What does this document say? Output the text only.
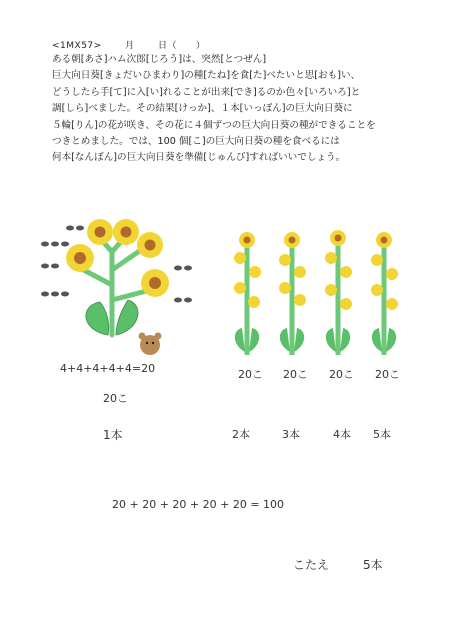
<1MX57>	月	日（　　）
ある朝[あさ]ハム次郎[じろう]は、突然[とつぜん]
巨大向日葵[きょだいひまわり]の種[たね]を食[た]べたいと思[おも]い、
どうしたら手[て]に入[い]れることが出来[でき]るのか色々[いろいろ]と
調[しら]べました。その結果[けっか]、１本[いっぽん]の巨大向日葵に
５輪[りん]の花が咲き、その花に４個ずつの巨大向日葵の種ができることを
つきとめました。では、100 個[こ]の巨大向日葵の種を食べるには
何本[なんぼん]の巨大向日葵を準備[じゅんび]すればいいでしょう。
4+4+4+4+4=20
20こ
1本
20こ 20こ 20こ 20こ
2本	3本	4本 5本
20 + 20 + 20 + 20 + 20 = 100
こたえ	5本
